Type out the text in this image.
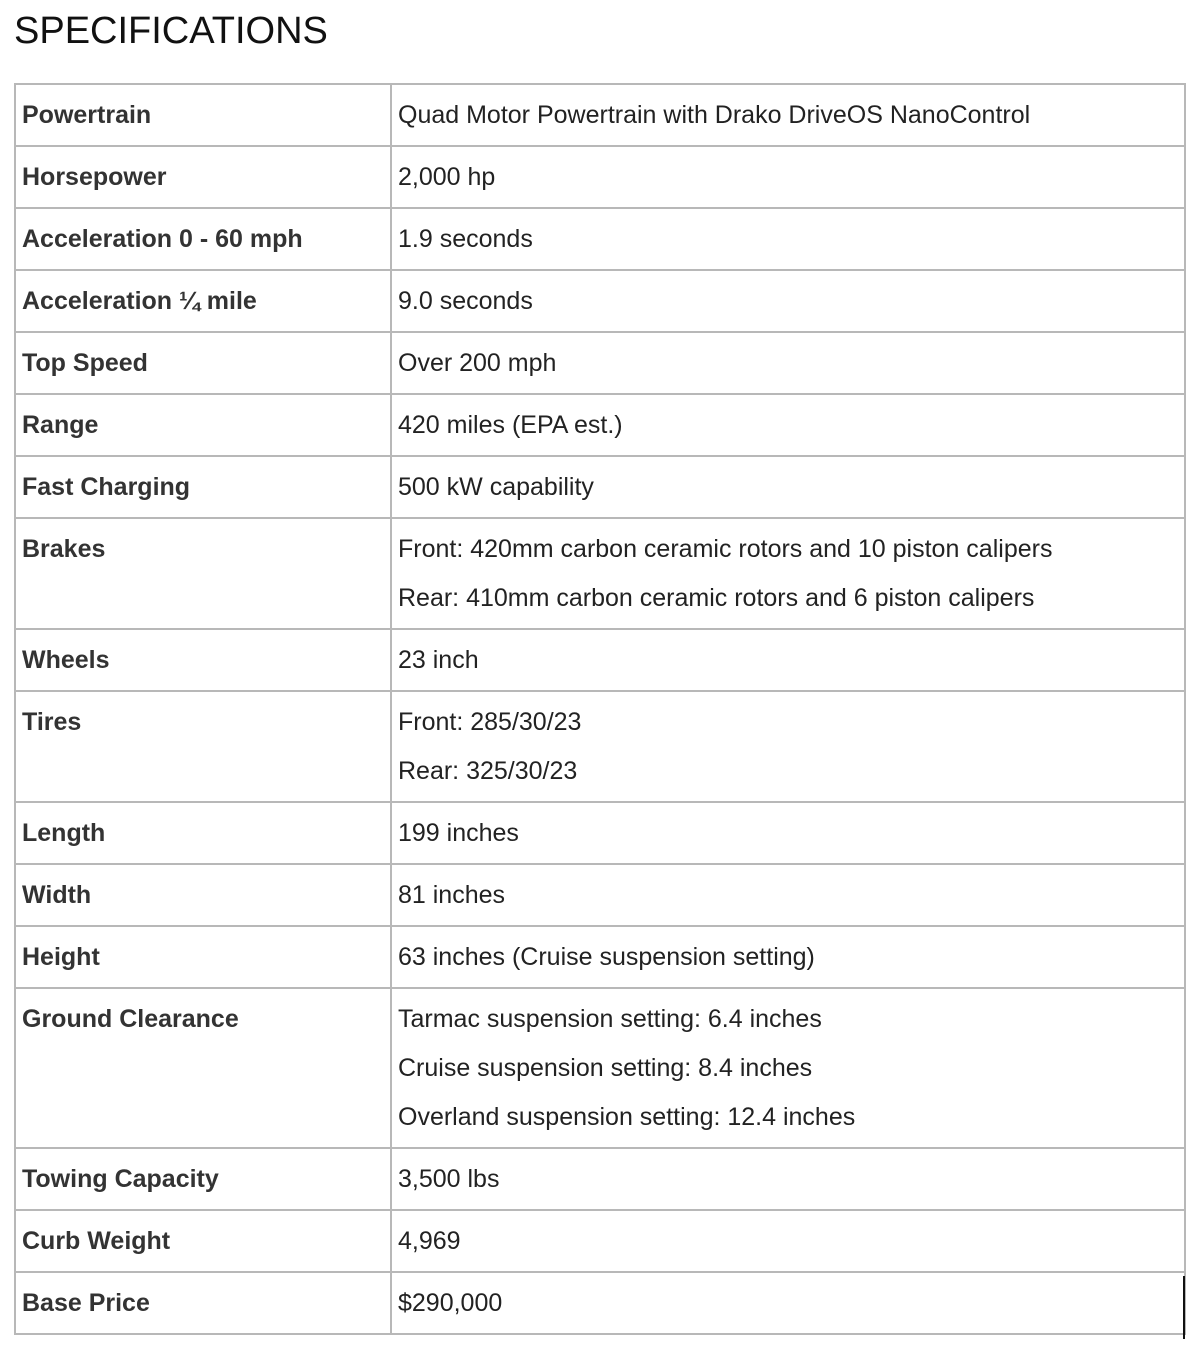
SPECIFICATIONS
Powertrain	Quad Motor Powertrain with Drako DriveOS NanoControl

Horsepower	2,000 hp

Acceleration 0 - 60 mph	1.9 seconds

Acceleration ¼ mile	9.0 seconds

Top Speed	Over 200 mph

Range	420 miles (EPA est.)

Fast Charging	500 kW capability

Brakes	Front: 420mm carbon ceramic rotors and 10 piston calipers
Rear: 410mm carbon ceramic rotors and 6 piston calipers

Wheels	23 inch

Tires	Front: 285/30/23
Rear: 325/30/23

Length	199 inches

Width	81 inches

Height	63 inches (Cruise suspension setting)

Ground Clearance	Tarmac suspension setting: 6.4 inches
Cruise suspension setting: 8.4 inches
Overland suspension setting: 12.4 inches

Towing Capacity	3,500 lbs

Curb Weight	4,969

Base Price	$290,000
